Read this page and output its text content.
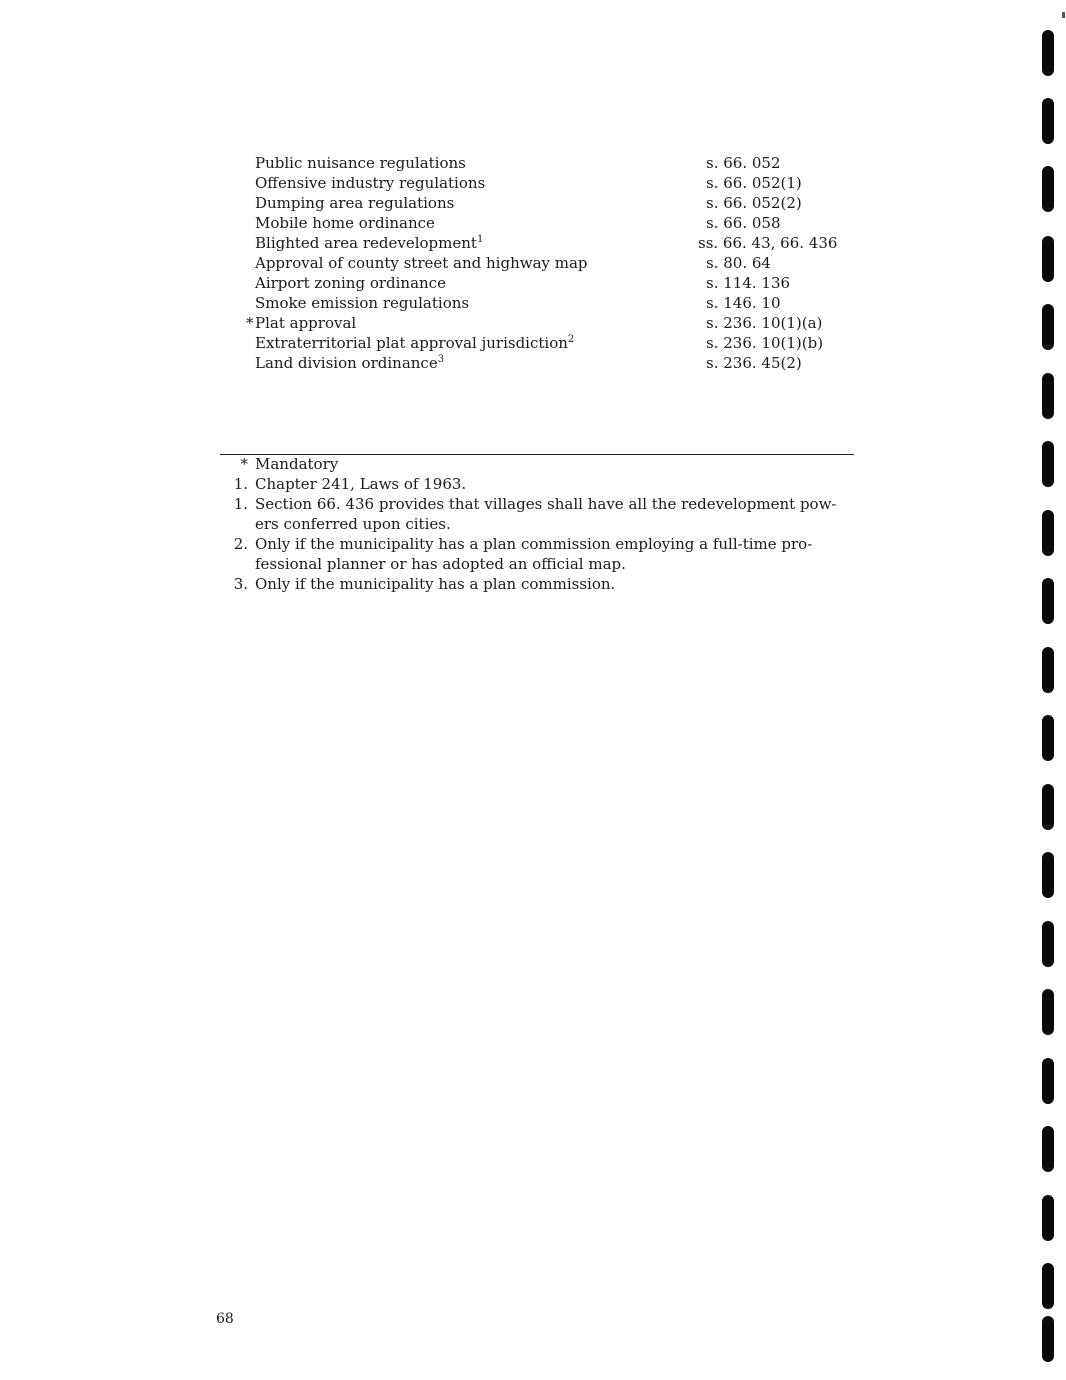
Public nuisance regulations	s. 66. 052
Offensive industry regulations	s. 66. 052(1)
Dumping area regulations	s. 66. 052(2)
Mobile home ordinance	s. 66. 058
Blighted area redevelopment$^1$	ss. 66. 43, 66. 436
Approval of county street and highway map	s. 80. 64
Airport zoning ordinance	s. 114. 136
Smoke emission regulations	s. 146. 10
* Plat approval	s. 236. 10(1)(a)
Extraterritorial plat approval jurisdiction$^2$	s. 236. 10(1)(b)
Land division ordinance$^3$	s. 236. 45(2)
* Mandatory
1. Chapter 241, Laws of 1963.
1. Section 66. 436 provides that villages shall have all the redevelopment pow-ers conferred upon cities.
2. Only if the municipality has a plan commission employing a full-time pro-fessional planner or has adopted an official map.
3. Only if the municipality has a plan commission.
68
